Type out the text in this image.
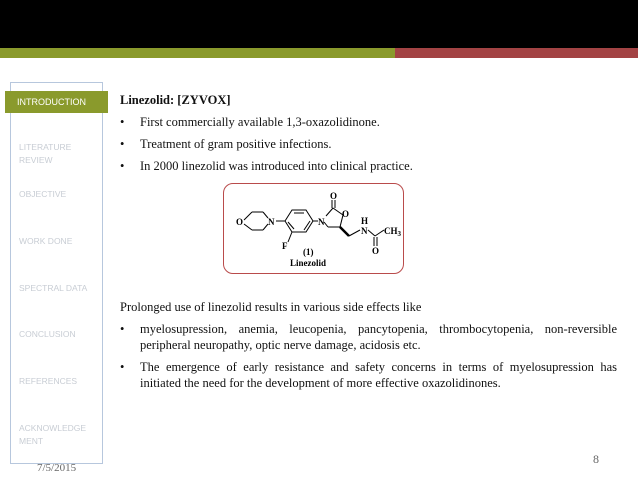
INTRODUCTION
LITERATURE REVIEW
OBJECTIVE
WORK DONE
SPECTRAL DATA
CONCLUSION
REFERENCES
ACKNOWLEDGE MENT
Linezolid: [ZYVOX]
• First commercially available 1,3-oxazolidinone.
• Treatment of gram positive infections.
• In 2000 linezolid was introduced into clinical practice.
O	N	N
O
O
H
N $CH_3$
O
F
(1)
Linezolid
Prolonged use of linezolid results in various side effects like
• myelosupression, anemia, leucopenia, pancytopenia, thrombocytopenia, non-reversible peripheral neuropathy, optic nerve damage, acidosis etc.
• The emergence of early resistance and safety concerns in terms of myelosupression has initiated the need for the development of more effective oxazolidinones.
7/5/2015
8
